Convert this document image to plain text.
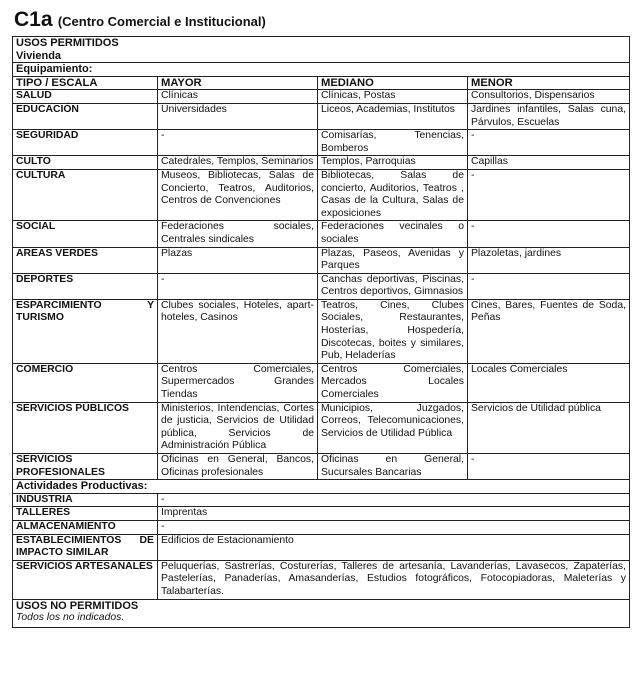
C1a (Centro Comercial e Institucional)
USOS PERMITIDOS
Vivienda			

Equipamiento:			
TIPO / ESCALA	MAYOR	MEDIANO	MENOR
SALUD	Clínicas	Clínicas, Postas	Consultorios, Dispensarios
EDUCACIÓN	Universidades	Liceos, Academias, Institutos	Jardines infantiles, Salas cuna, Párvulos, Escuelas
SEGURIDAD	-	Comisarías, Tenencias, Bomberos	-
CULTO	Catedrales, Templos, Seminarios	Templos, Parroquias	Capillas
CULTURA	Museos, Bibliotecas, Salas de Concierto, Teatros, Auditorios, Centros de Convenciones	Bibliotecas, Salas de concierto, Auditorios, Teatros , Casas de la Cultura, Salas de exposiciones	-
SOCIAL	Federaciones sociales, Centrales sindicales	Federaciones vecinales o sociales	-
AREAS VERDES	Plazas	Plazas, Paseos, Avenidas y Parques	Plazoletas, jardines
DEPORTES	-	Canchas deportivas, Piscinas, Centros deportivos, Gimnasios	-
ESPARCIMIENTO Y TURISMO	Clubes sociales, Hoteles, apart-hoteles, Casinos	Teatros, Cines, Clubes Sociales, Restaurantes, Hosterías, Hospedería, Discotecas, boites y similares, Pub, Heladerías	Cines, Bares, Fuentes de Soda, Peñas
COMERCIO	Centros Comerciales, Supermercados Grandes Tiendas	Centros Comerciales, Mercados Locales Comerciales	Locales Comerciales
SERVICIOS PÚBLICOS	Ministerios, Intendencias, Cortes de justicia, Servicios de Utilidad pública, Servicios de Administración Pública	Municipios, Juzgados, Correos, Telecomunicaciones, Servicios de Utilidad Pública	Servicios de Utilidad pública
SERVICIOS PROFESIONALES	Oficinas en General, Bancos, Oficinas profesionales	Oficinas en General, Sucursales Bancarias	-
Actividades Productivas:			
INDUSTRIA	-		
TALLERES	Imprentas		
ALMACENAMIENTO	-		
ESTABLECIMIENTOS DE IMPACTO SIMILAR	Edificios de Estacionamiento		
SERVICIOS ARTESANALES	Peluquerías, Sastrerías, Costurerías, Talleres de artesanía, Lavanderías, Lavasecos, Zapaterías, Pastelerías, Panaderías, Amasanderías, Estudios fotográficos, Fotocopiadoras, Maleterías y Talabarterías.		

USOS NO PERMITIDOS
Todos los no indicados.			
